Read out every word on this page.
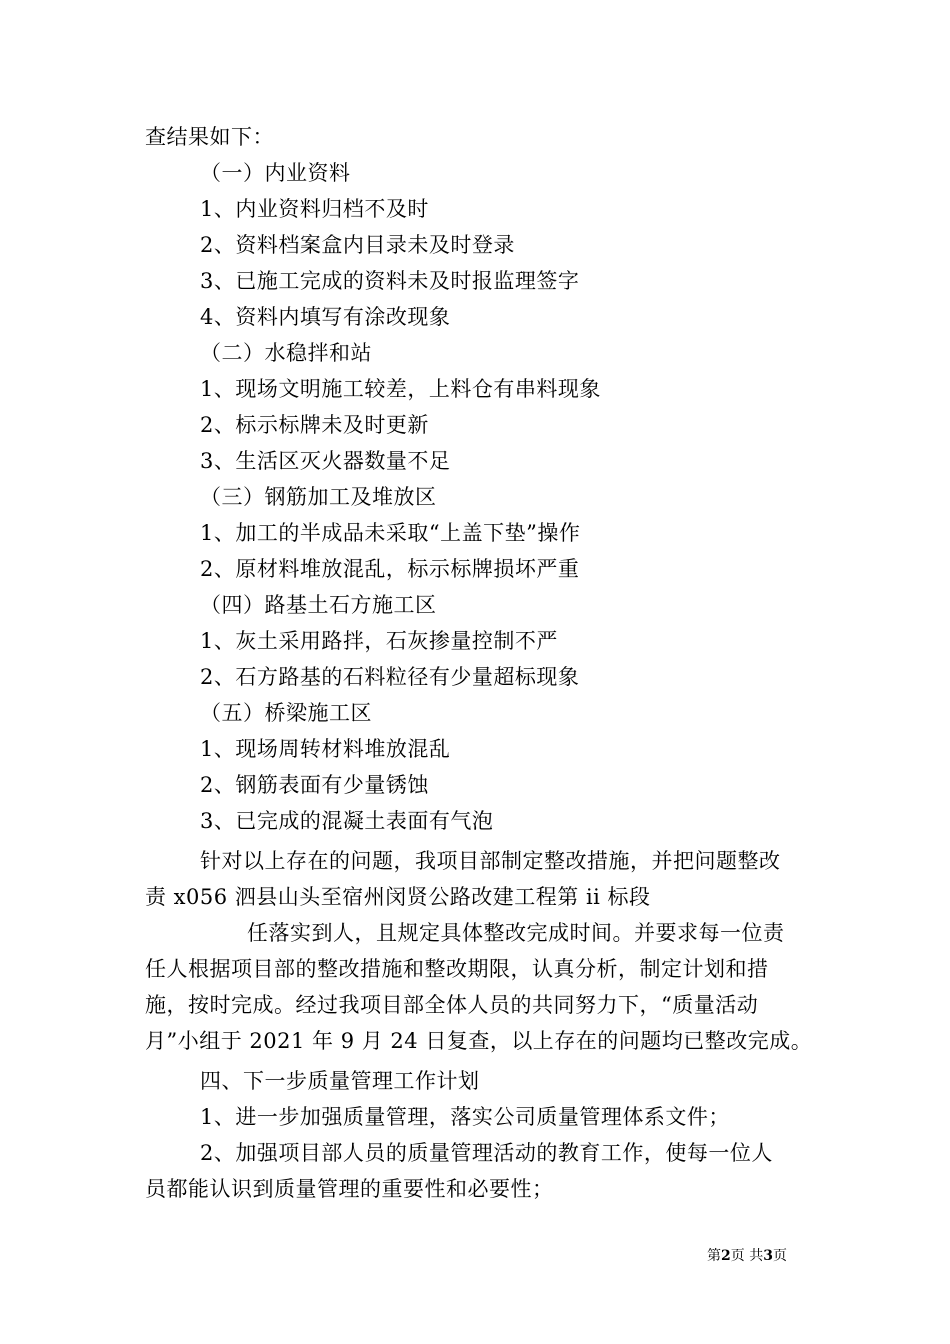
查结果如下：
（一）内业资料
1、内业资料归档不及时
2、资料档案盒内目录未及时登录
3、已施工完成的资料未及时报监理签字
4、资料内填写有涂改现象
（二）水稳拌和站
1、现场文明施工较差，上料仓有串料现象
2、标示标牌未及时更新
3、生活区灭火器数量不足
（三）钢筋加工及堆放区
1、加工的半成品未采取“上盖下垫”操作
2、原材料堆放混乱，标示标牌损坏严重
（四）路基土石方施工区
1、灰土采用路拌，石灰掺量控制不严
2、石方路基的石料粒径有少量超标现象
（五）桥梁施工区
1、现场周转材料堆放混乱
2、钢筋表面有少量锈蚀
3、已完成的混凝土表面有气泡
针对以上存在的问题，我项目部制定整改措施，并把问题整改
责 x056 泗县山头至宿州闵贤公路改建工程第 ii 标段
任落实到人，且规定具体整改完成时间。并要求每一位责
任人根据项目部的整改措施和整改期限，认真分析，制定计划和措
施，按时完成。经过我项目部全体人员的共同努力下，“质量活动
月”小组于 2021 年 9 月 24 日复查，以上存在的问题均已整改完成。
四、下一步质量管理工作计划
1、进一步加强质量管理，落实公司质量管理体系文件；
2、加强项目部人员的质量管理活动的教育工作，使每一位人
员都能认识到质量管理的重要性和必要性；
第2页 共3页
